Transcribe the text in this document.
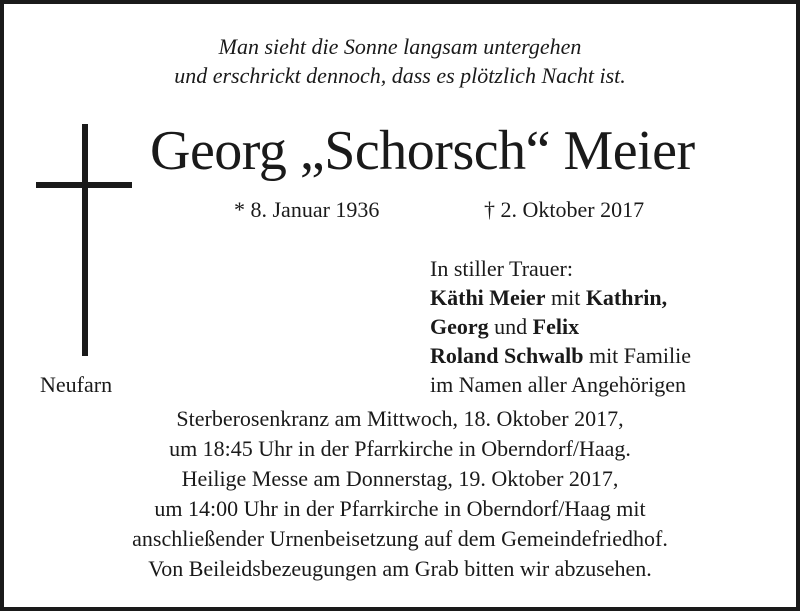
Man sieht die Sonne langsam untergehen
und erschrickt dennoch, dass es plötzlich Nacht ist.
Georg „Schorsch“ Meier
* 8. Januar 1936	† 2. Oktober 2017
In stiller Trauer:
Käthi Meier mit Kathrin,
Georg und Felix
Roland Schwalb mit Familie
im Namen aller Angehörigen
Neufarn
Sterberosenkranz am Mittwoch, 18. Oktober 2017,
um 18:45 Uhr in der Pfarrkirche in Oberndorf/Haag.
Heilige Messe am Donnerstag, 19. Oktober 2017,
um 14:00 Uhr in der Pfarrkirche in Oberndorf/Haag mit
anschließender Urnenbeisetzung auf dem Gemeindefriedhof.
Von Beileidsbezeugungen am Grab bitten wir abzusehen.
